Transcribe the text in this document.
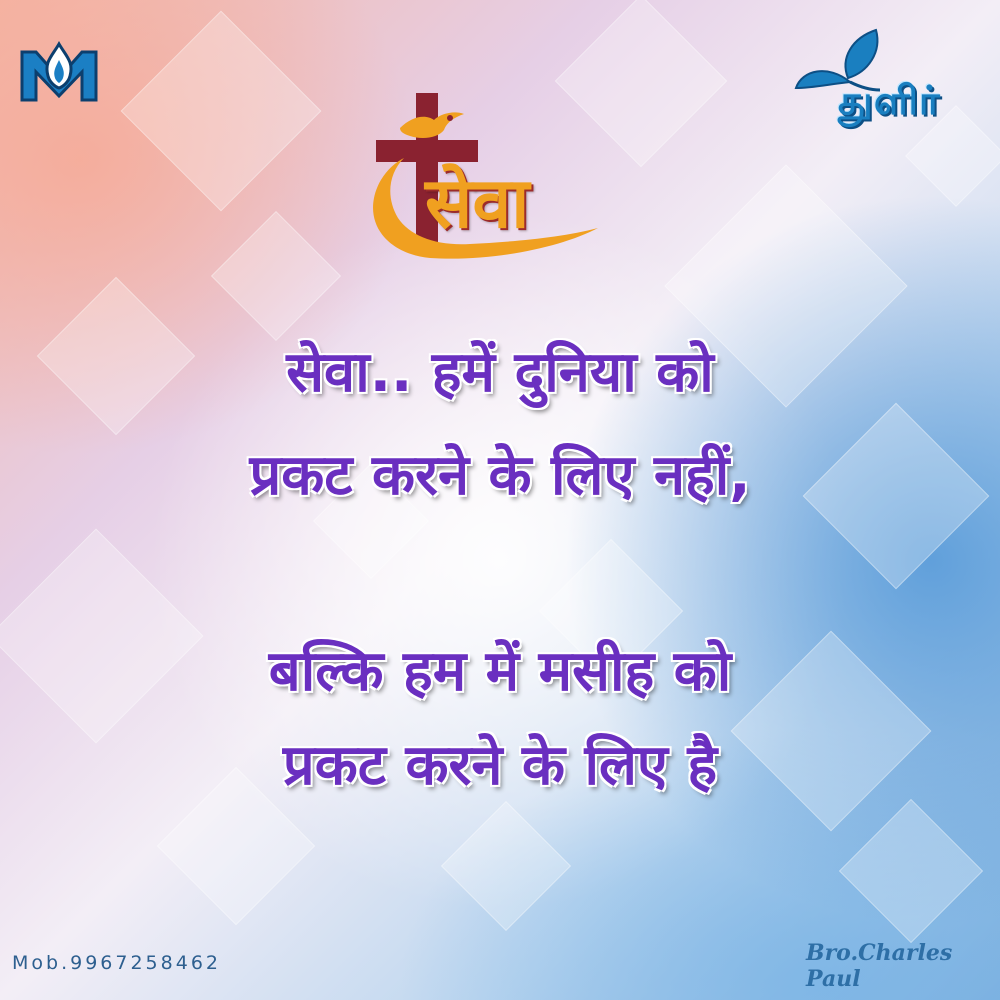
துளிர்
सेवा
सेवा.. हमें दुनिया को
प्रकट करने के लिए नहीं,
बल्कि हम में मसीह को
प्रकट करने के लिए है
Mob.9967258462	Bro.Charles Paul
